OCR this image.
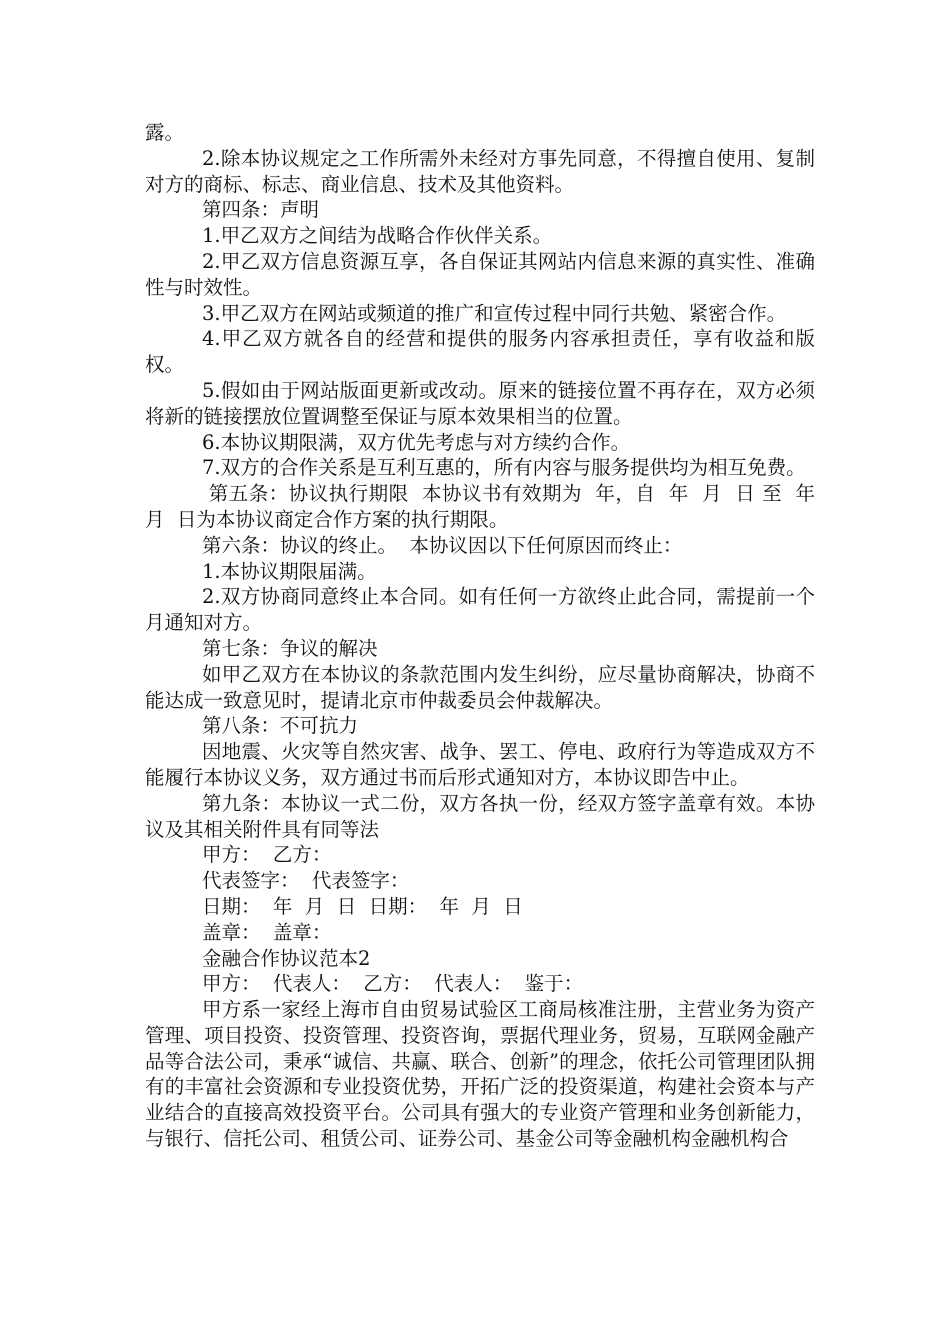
露。

2.除本协议规定之工作所需外未经对方事先同意，不得擅自使用、复制对方的商标、标志、商业信息、技术及其他资料。

第四条：声明

1.甲乙双方之间结为战略合作伙伴关系。

2.甲乙双方信息资源互享，各自保证其网站内信息来源的真实性、准确性与时效性。

3.甲乙双方在网站或频道的推广和宣传过程中同行共勉、紧密合作。

4.甲乙双方就各自的经营和提供的服务内容承担责任，享有收益和版权。

5.假如由于网站版面更新或改动。原来的链接位置不再存在，双方必须将新的链接摆放位置调整至保证与原本效果相当的位置。

6.本协议期限满，双方优先考虑与对方续约合作。

7.双方的合作关系是互利互惠的，所有内容与服务提供均为相互免费。

第五条：协议执行期限  本协议书有效期为  年，自  年  月  日 至  年  月  日为本协议商定合作方案的执行期限。

第六条：协议的终止。  本协议因以下任何原因而终止：

1.本协议期限届满。

2.双方协商同意终止本合同。如有任何一方欲终止此合同，需提前一个月通知对方。

第七条：争议的解决

如甲乙双方在本协议的条款范围内发生纠纷，应尽量协商解决，协商不能达成一致意见时，提请北京市仲裁委员会仲裁解决。

第八条：不可抗力

因地震、火灾等自然灾害、战争、罢工、停电、政府行为等造成双方不能履行本协议义务，双方通过书而后形式通知对方，本协议即告中止。

第九条：本协议一式二份，双方各执一份，经双方签字盖章有效。本协议及其相关附件具有同等法

甲方：  乙方：

代表签字：  代表签字：

日期：  年  月  日  日期：  年  月  日

盖章：  盖章：

金融合作协议范本2

甲方：  代表人：  乙方：  代表人：  鉴于：

甲方系一家经上海市自由贸易试验区工商局核准注册，主营业务为资产管理、项目投资、投资管理、投资咨询，票据代理业务，贸易，互联网金融产品等合法公司，秉承“诚信、共赢、联合、创新”的理念，依托公司管理团队拥有的丰富社会资源和专业投资优势，开拓广泛的投资渠道，构建社会资本与产业结合的直接高效投资平台。公司具有强大的专业资产管理和业务创新能力，与银行、信托公司、租赁公司、证券公司、基金公司等金融机构金融机构合
